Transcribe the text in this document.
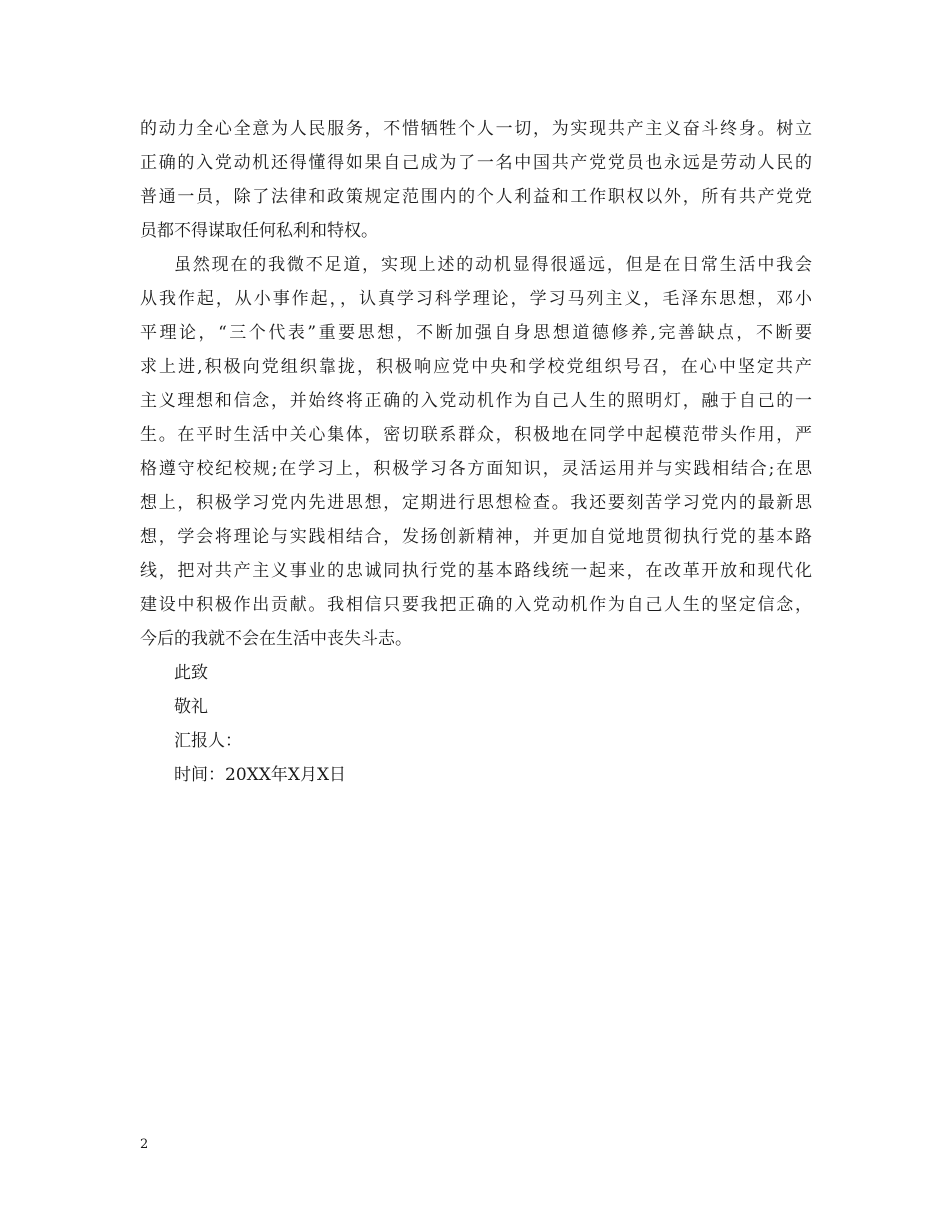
的动力全心全意为人民服务，不惜牺牲个人一切，为实现共产主义奋斗终身。树立
正确的入党动机还得懂得如果自己成为了一名中国共产党党员也永远是劳动人民的
普通一员，除了法律和政策规定范围内的个人利益和工作职权以外，所有共产党党
员都不得谋取任何私利和特权。
虽然现在的我微不足道，实现上述的动机显得很遥远，但是在日常生活中我会
从我作起，从小事作起，，认真学习科学理论，学习马列主义，毛泽东思想，邓小
平理论，“三个代表”重要思想，不断加强自身思想道德修养,完善缺点，不断要
求上进,积极向党组织靠拢，积极响应党中央和学校党组织号召，在心中坚定共产
主义理想和信念，并始终将正确的入党动机作为自己人生的照明灯，融于自己的一
生。在平时生活中关心集体，密切联系群众，积极地在同学中起模范带头作用，严
格遵守校纪校规;在学习上，积极学习各方面知识，灵活运用并与实践相结合;在思
想上，积极学习党内先进思想，定期进行思想检查。我还要刻苦学习党内的最新思
想，学会将理论与实践相结合，发扬创新精神，并更加自觉地贯彻执行党的基本路
线，把对共产主义事业的忠诚同执行党的基本路线统一起来，在改革开放和现代化
建设中积极作出贡献。我相信只要我把正确的入党动机作为自己人生的坚定信念，
今后的我就不会在生活中丧失斗志。
此致
敬礼
汇报人：
时间：20XX年X月X日
2
